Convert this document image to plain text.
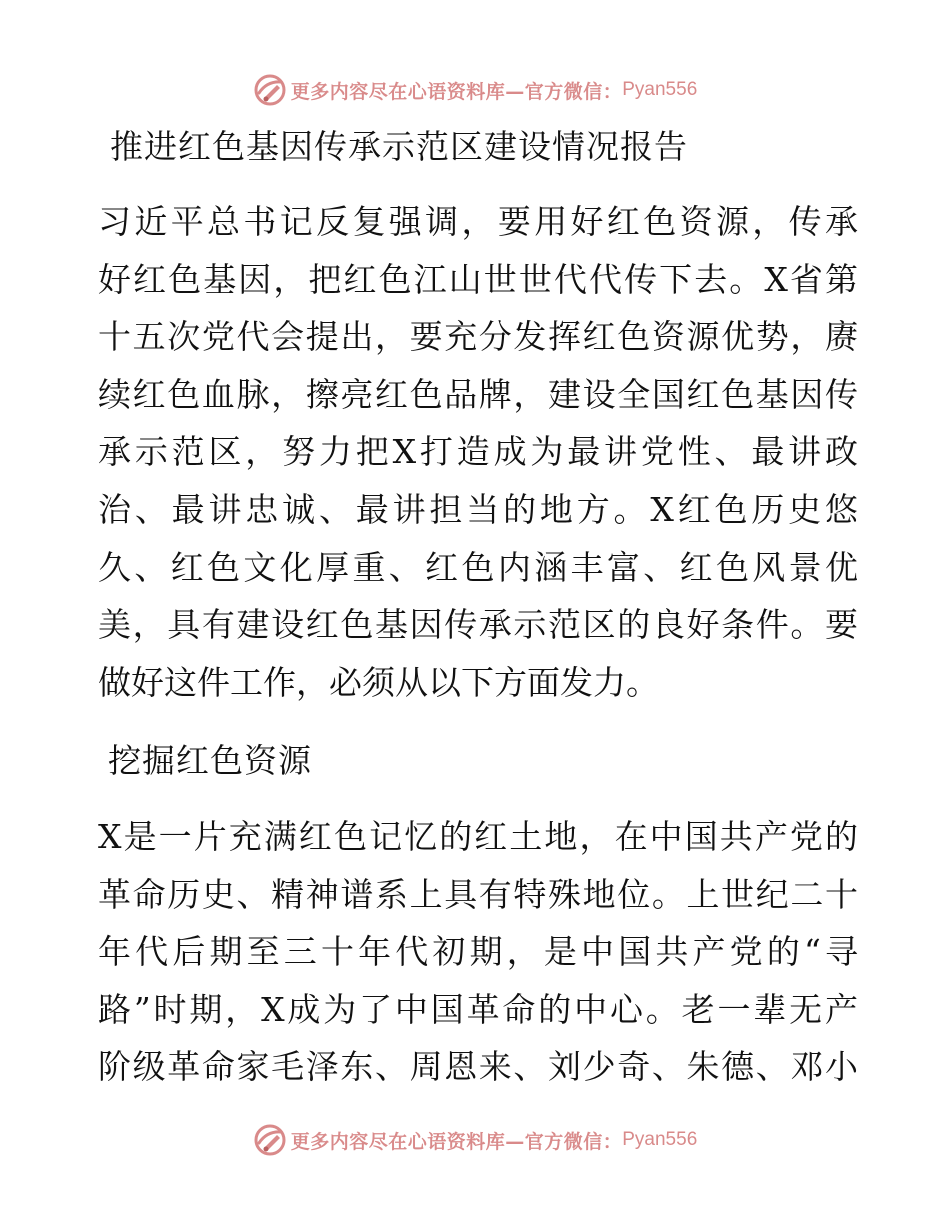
更多内容尽在心语资料库—官方微信： Pyan556
推进红色基因传承示范区建设情况报告
习近平总书记反复强调，要用好红色资源，传承
好红色基因，把红色江山世世代代传下去。X省第
十五次党代会提出，要充分发挥红色资源优势，赓
续红色血脉，擦亮红色品牌，建设全国红色基因传
承示范区，努力把X打造成为最讲党性、最讲政
治、最讲忠诚、最讲担当的地方。X红色历史悠
久、红色文化厚重、红色内涵丰富、红色风景优
美，具有建设红色基因传承示范区的良好条件。要
做好这件工作，必须从以下方面发力。
挖掘红色资源
X是一片充满红色记忆的红土地，在中国共产党的
革命历史、精神谱系上具有特殊地位。上世纪二十
年代后期至三十年代初期，是中国共产党的“寻
路”时期，X成为了中国革命的中心。老一辈无产
阶级革命家毛泽东、周恩来、刘少奇、朱德、邓小
更多内容尽在心语资料库—官方微信： Pyan556
